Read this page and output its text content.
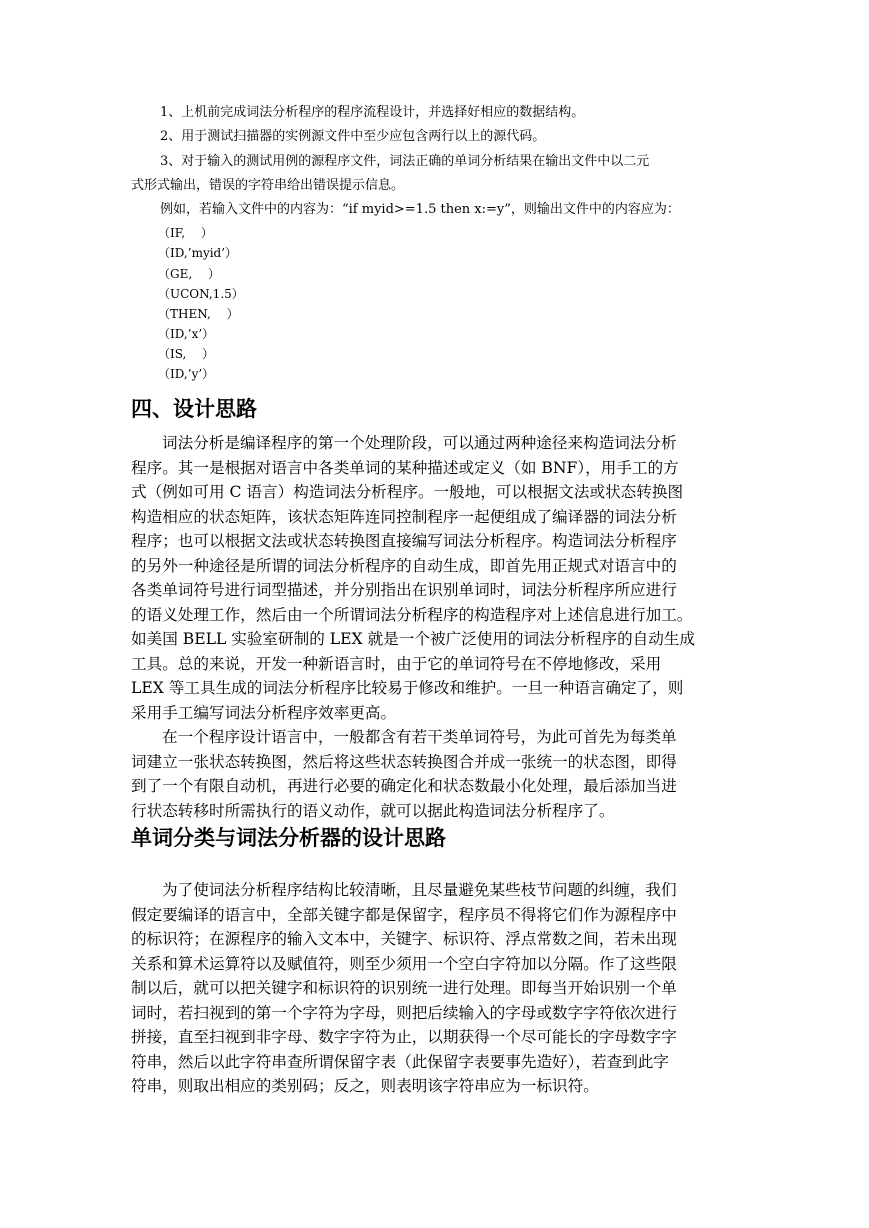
1、上机前完成词法分析程序的程序流程设计，并选择好相应的数据结构。
2、用于测试扫描器的实例源文件中至少应包含两行以上的源代码。
3、对于输入的测试用例的源程序文件，词法正确的单词分析结果在输出文件中以二元
式形式输出，错误的字符串给出错误提示信息。
例如，若输入文件中的内容为：“if myid>=1.5 then x:=y”，则输出文件中的内容应为：
（IF,　 ）
（ID,’myid’）
（GE,　 ）
（UCON,1.5）
（THEN,　 ）
（ID,’x’）
（IS,　 ）
（ID,’y’）
四、设计思路
词法分析是编译程序的第一个处理阶段，可以通过两种途径来构造词法分析
程序。其一是根据对语言中各类单词的某种描述或定义（如 BNF），用手工的方
式（例如可用 C 语言）构造词法分析程序。一般地，可以根据文法或状态转换图
构造相应的状态矩阵，该状态矩阵连同控制程序一起便组成了编译器的词法分析
程序；也可以根据文法或状态转换图直接编写词法分析程序。构造词法分析程序
的另外一种途径是所谓的词法分析程序的自动生成，即首先用正规式对语言中的
各类单词符号进行词型描述，并分别指出在识别单词时，词法分析程序所应进行
的语义处理工作，然后由一个所谓词法分析程序的构造程序对上述信息进行加工。
如美国 BELL 实验室研制的 LEX 就是一个被广泛使用的词法分析程序的自动生成
工具。总的来说，开发一种新语言时，由于它的单词符号在不停地修改，采用
LEX 等工具生成的词法分析程序比较易于修改和维护。一旦一种语言确定了，则
采用手工编写词法分析程序效率更高。
在一个程序设计语言中，一般都含有若干类单词符号，为此可首先为每类单
词建立一张状态转换图，然后将这些状态转换图合并成一张统一的状态图，即得
到了一个有限自动机，再进行必要的确定化和状态数最小化处理，最后添加当进
行状态转移时所需执行的语义动作，就可以据此构造词法分析程序了。
单词分类与词法分析器的设计思路
为了使词法分析程序结构比较清晰，且尽量避免某些枝节问题的纠缠，我们
假定要编译的语言中，全部关键字都是保留字，程序员不得将它们作为源程序中
的标识符；在源程序的输入文本中，关键字、标识符、浮点常数之间，若未出现
关系和算术运算符以及赋值符，则至少须用一个空白字符加以分隔。作了这些限
制以后，就可以把关键字和标识符的识别统一进行处理。即每当开始识别一个单
词时，若扫视到的第一个字符为字母，则把后续输入的字母或数字字符依次进行
拼接，直至扫视到非字母、数字字符为止，以期获得一个尽可能长的字母数字字
符串，然后以此字符串查所谓保留字表（此保留字表要事先造好），若查到此字
符串，则取出相应的类别码；反之，则表明该字符串应为一标识符。
